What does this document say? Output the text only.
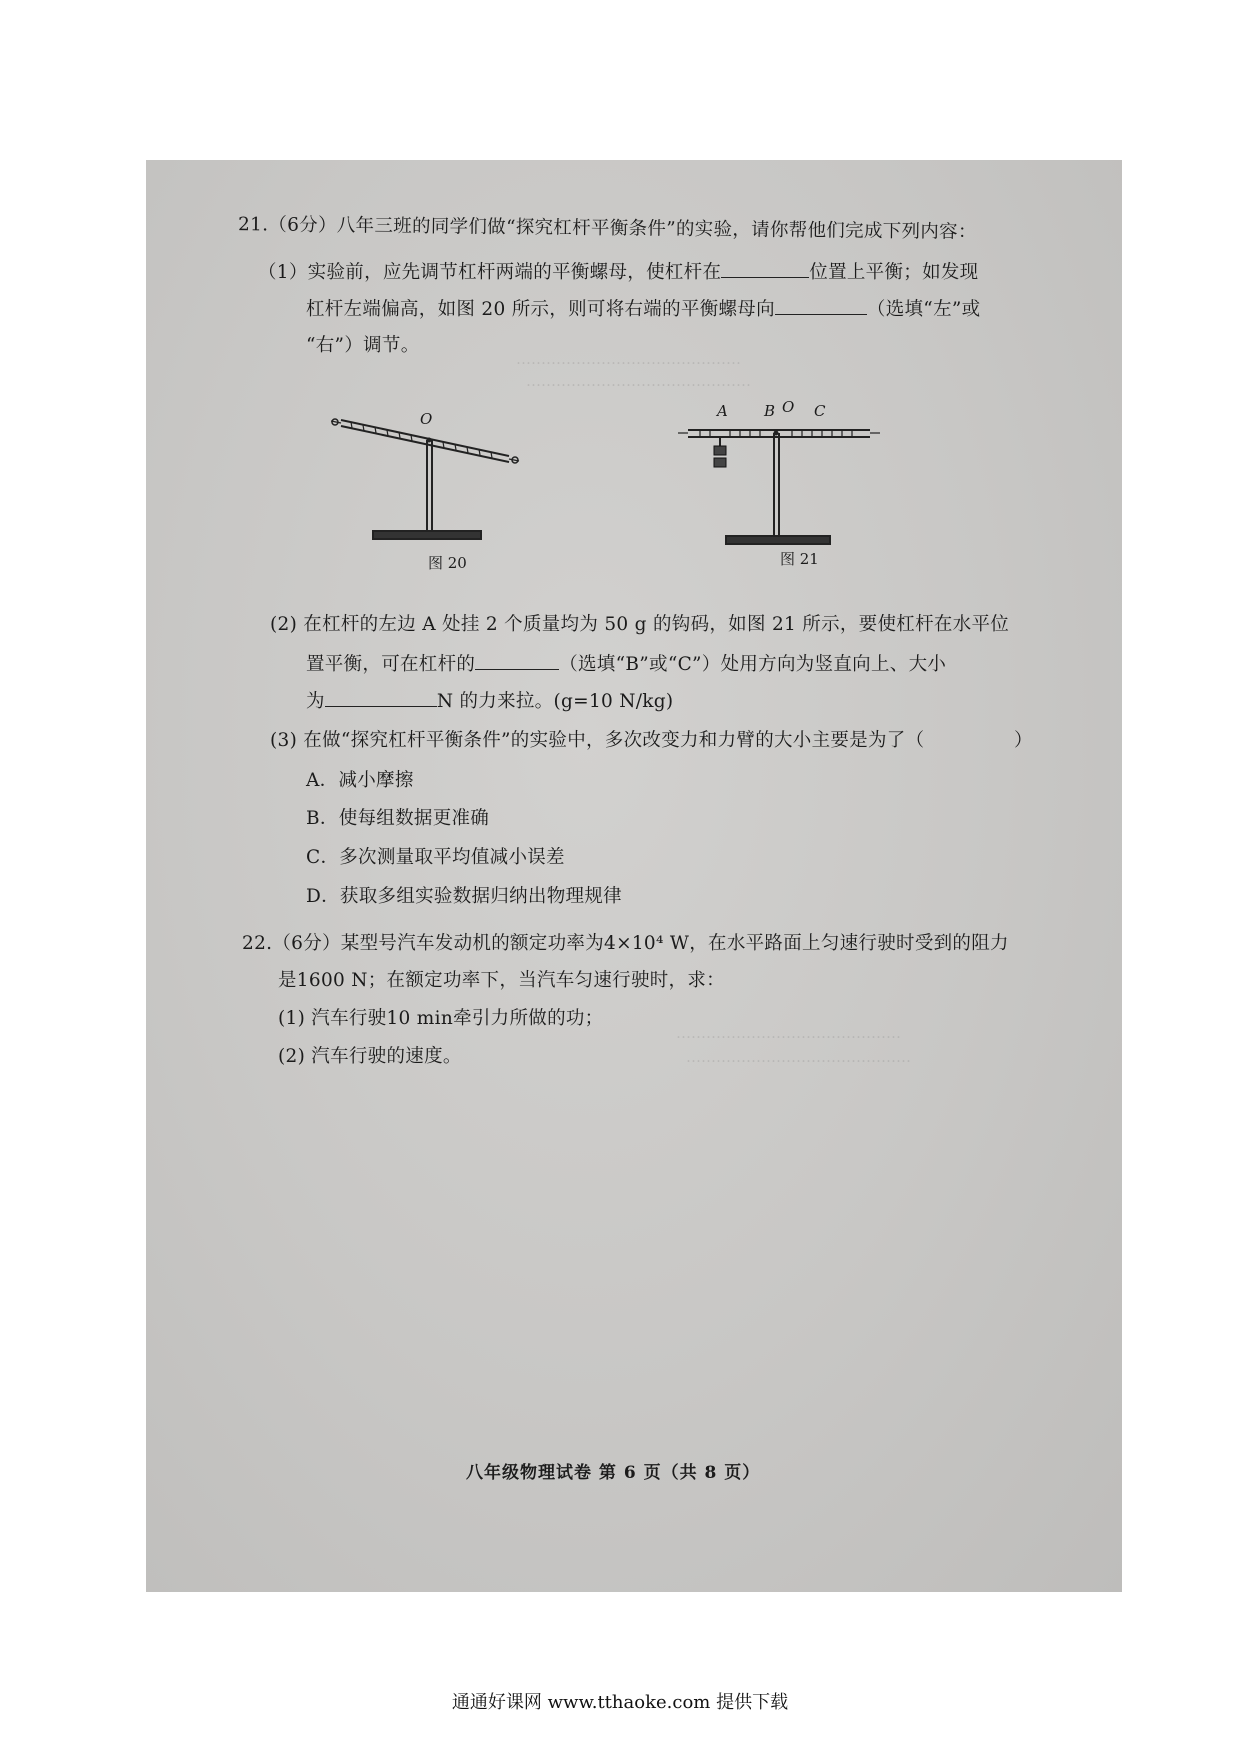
………………………………………
………………………………………
………………………………………
………………………………………
21.（6分）八年三班的同学们做“探究杠杆平衡条件”的实验，请你帮他们完成下列内容：
（1）实验前，应先调节杠杆两端的平衡螺母，使杠杆在	位置上平衡；如发现
杠杆左端偏高，如图 20 所示，则可将右端的平衡螺母向	（选填“左”或
“右”）调节。
O
图 20
A B O C
图 21
(2) 在杠杆的左边 A 处挂 2 个质量均为 50 g 的钩码，如图 21 所示，要使杠杆在水平位
置平衡，可在杠杆的	（选填“B”或“C”）处用方向为竖直向上、大小
为	N 的力来拉。(g=10 N/kg)
(3) 在做“探究杠杆平衡条件”的实验中，多次改变力和力臂的大小主要是为了（	）
A．减小摩擦
B．使每组数据更准确
C．多次测量取平均值减小误差
D．获取多组实验数据归纳出物理规律
22.（6分）某型号汽车发动机的额定功率为4×10⁴ W，在水平路面上匀速行驶时受到的阻力
是1600 N；在额定功率下，当汽车匀速行驶时，求：
(1) 汽车行驶10 min牵引力所做的功；
(2) 汽车行驶的速度。
八年级物理试卷 第 6 页（共 8 页）
通通好课网 www.tthaoke.com 提供下载
